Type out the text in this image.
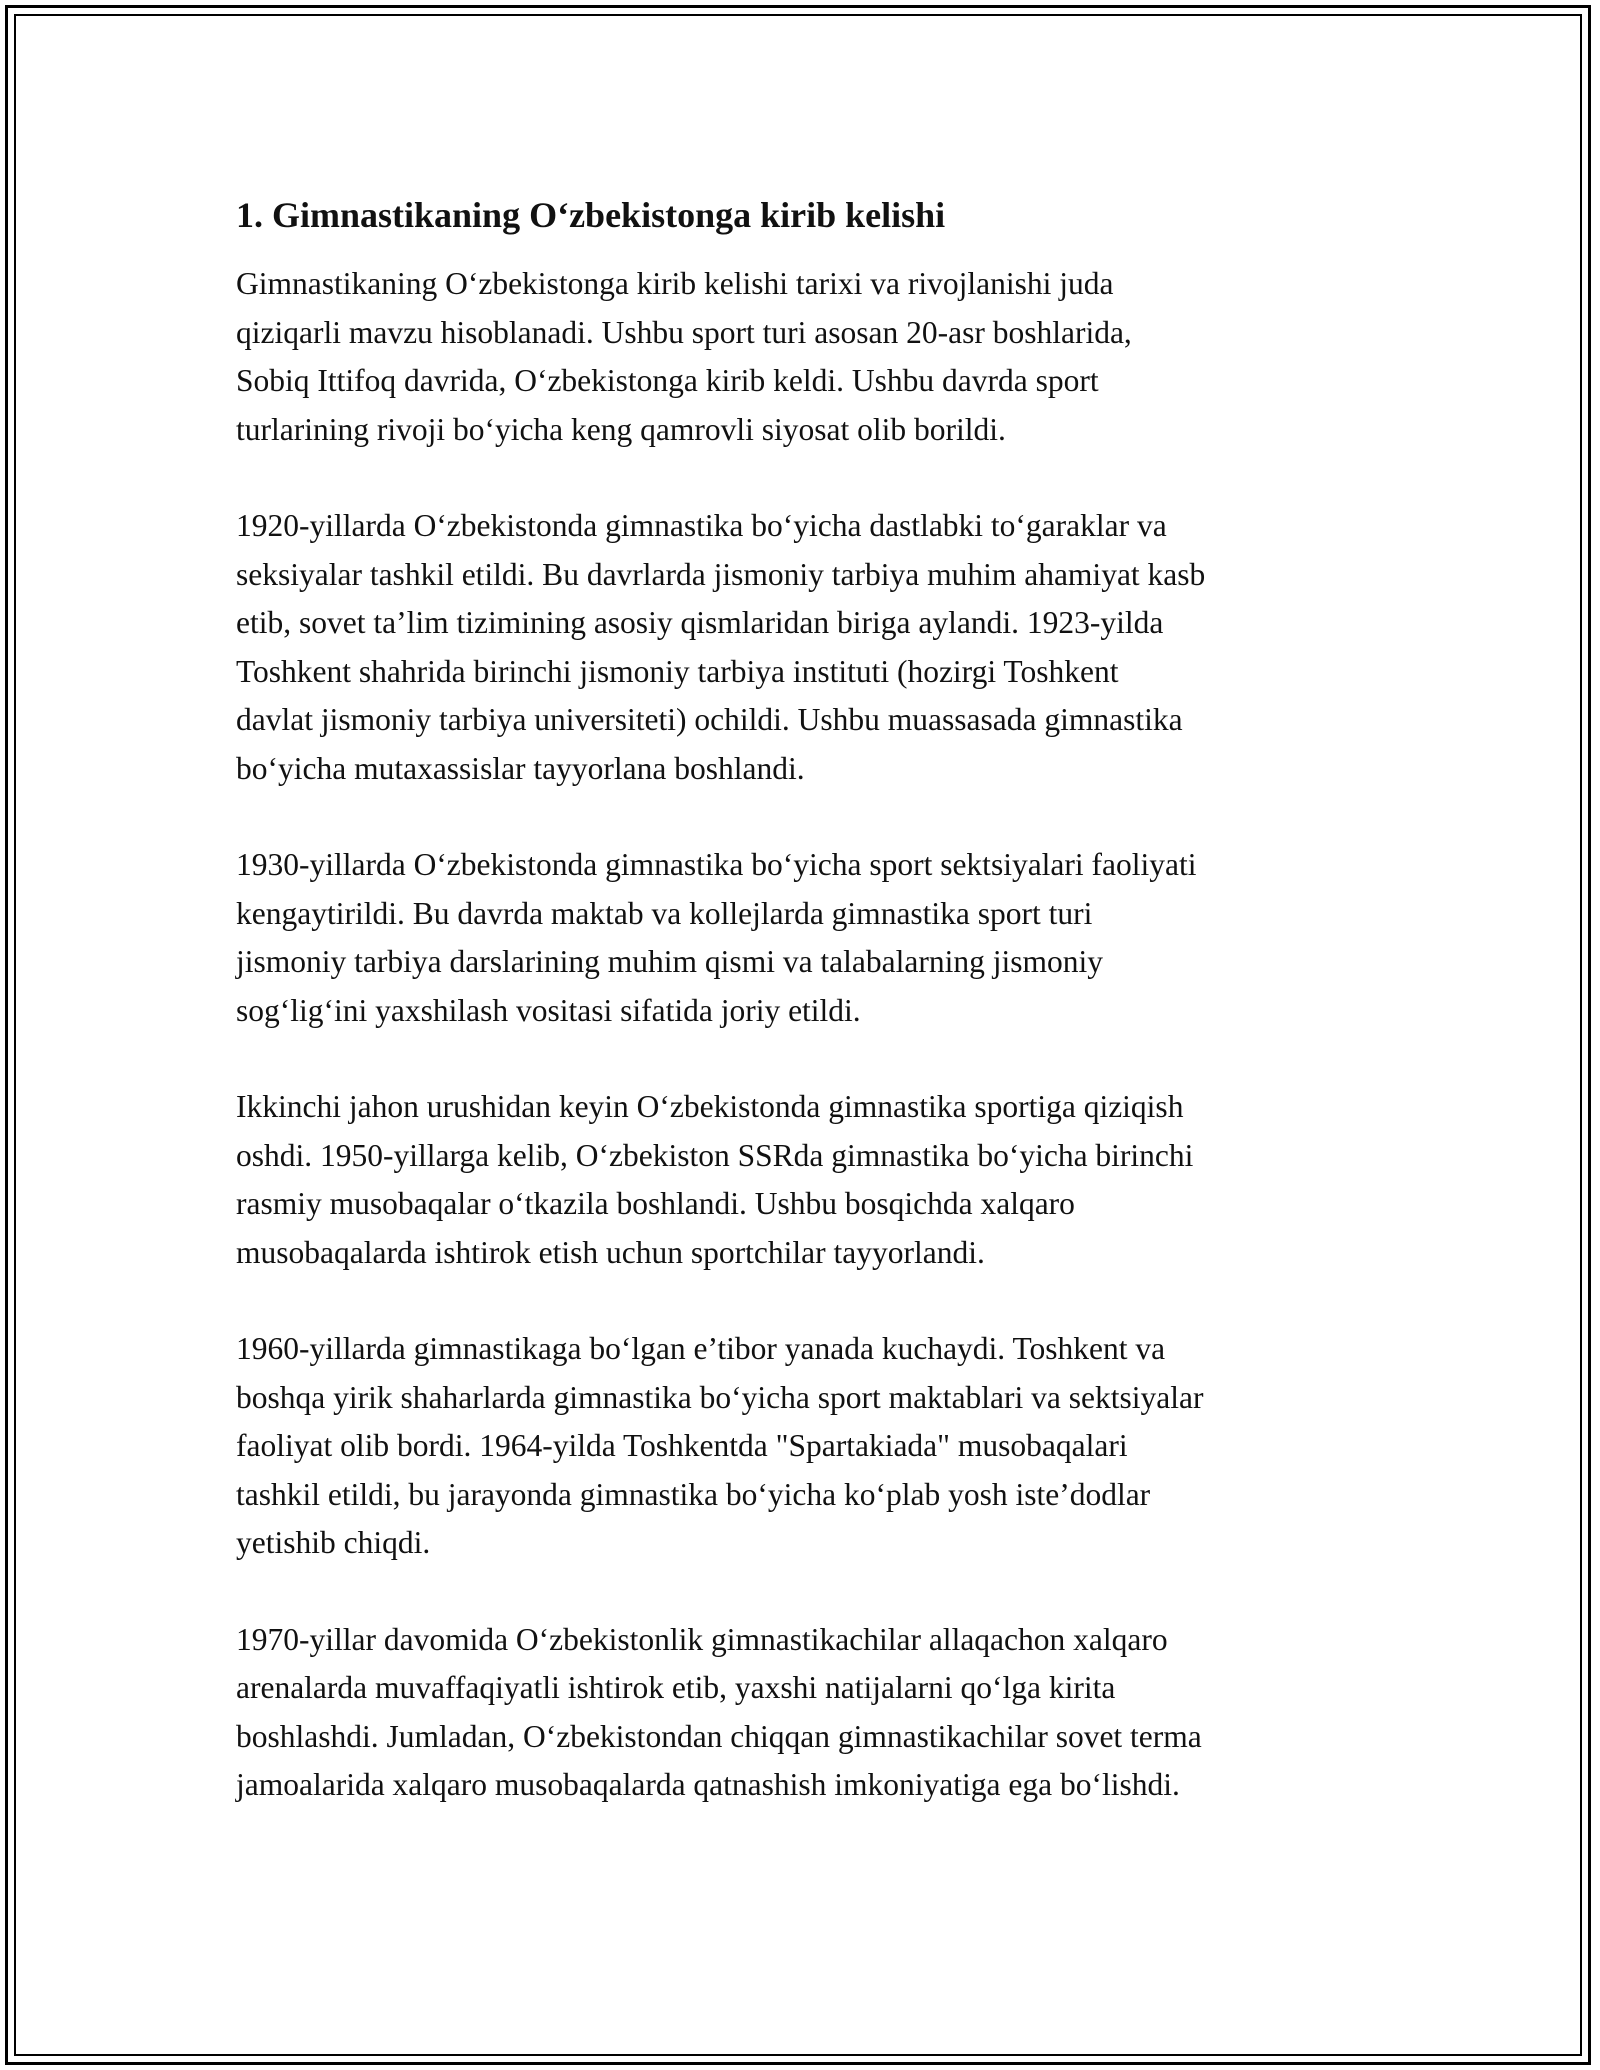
1. Gimnastikaning O‘zbekistonga kirib kelishi

Gimnastikaning O‘zbekistonga kirib kelishi tarixi va rivojlanishi juda
qiziqarli mavzu hisoblanadi. Ushbu sport turi asosan 20-asr boshlarida,
Sobiq Ittifoq davrida, O‘zbekistonga kirib keldi. Ushbu davrda sport
turlarining rivoji bo‘yicha keng qamrovli siyosat olib borildi.

1920-yillarda O‘zbekistonda gimnastika bo‘yicha dastlabki to‘garaklar va
seksiyalar tashkil etildi. Bu davrlarda jismoniy tarbiya muhim ahamiyat kasb
etib, sovet ta’lim tizimining asosiy qismlaridan biriga aylandi. 1923-yilda
Toshkent shahrida birinchi jismoniy tarbiya instituti (hozirgi Toshkent
davlat jismoniy tarbiya universiteti) ochildi. Ushbu muassasada gimnastika
bo‘yicha mutaxassislar tayyorlana boshlandi.

1930-yillarda O‘zbekistonda gimnastika bo‘yicha sport sektsiyalari faoliyati
kengaytirildi. Bu davrda maktab va kollejlarda gimnastika sport turi
jismoniy tarbiya darslarining muhim qismi va talabalarning jismoniy
sog‘lig‘ini yaxshilash vositasi sifatida joriy etildi.

Ikkinchi jahon urushidan keyin O‘zbekistonda gimnastika sportiga qiziqish
oshdi. 1950-yillarga kelib, O‘zbekiston SSRda gimnastika bo‘yicha birinchi
rasmiy musobaqalar o‘tkazila boshlandi. Ushbu bosqichda xalqaro
musobaqalarda ishtirok etish uchun sportchilar tayyorlandi.

1960-yillarda gimnastikaga bo‘lgan e’tibor yanada kuchaydi. Toshkent va
boshqa yirik shaharlarda gimnastika bo‘yicha sport maktablari va sektsiyalar
faoliyat olib bordi. 1964-yilda Toshkentda "Spartakiada" musobaqalari
tashkil etildi, bu jarayonda gimnastika bo‘yicha ko‘plab yosh iste’dodlar
yetishib chiqdi.

1970-yillar davomida O‘zbekistonlik gimnastikachilar allaqachon xalqaro
arenalarda muvaffaqiyatli ishtirok etib, yaxshi natijalarni qo‘lga kirita
boshlashdi. Jumladan, O‘zbekistondan chiqqan gimnastikachilar sovet terma
jamoalarida xalqaro musobaqalarda qatnashish imkoniyatiga ega bo‘lishdi.
